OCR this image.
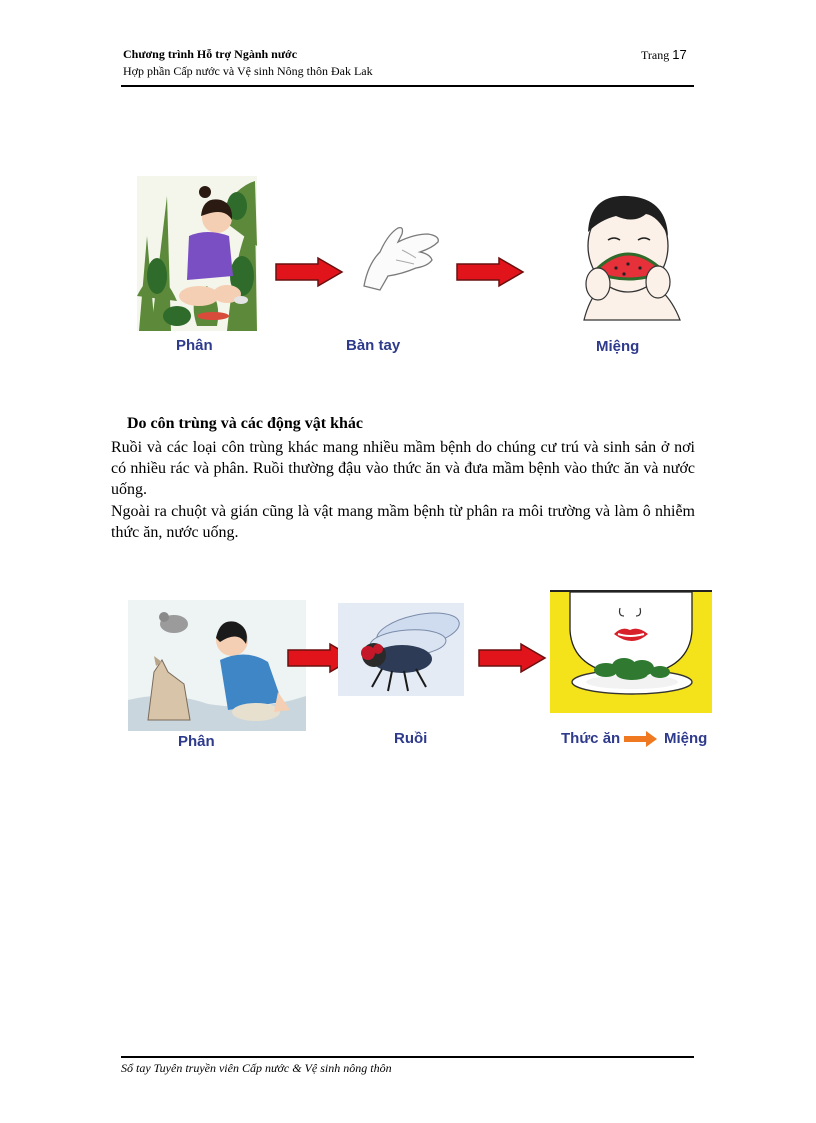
Chương trình Hỗ trợ Ngành nước
Hợp phần Cấp nước và Vệ sinh Nông thôn Đak Lak
Trang 17
Phân	Bàn tay	Miệng
Do côn trùng và các động vật khác
Ruồi và các loại côn trùng khác mang nhiều mầm bệnh do chúng cư trú và sinh sản ở nơi có nhiều rác và phân. Ruồi thường đậu vào thức ăn và đưa mầm bệnh vào thức ăn và nước uống.
Ngoài ra chuột và gián cũng là vật mang mầm bệnh từ phân ra môi trường và làm ô nhiễm thức ăn, nước uống.
Phân	Ruồi	Thức ăn	Miệng
Sổ tay Tuyên truyền viên Cấp nước & Vệ sinh nông thôn
